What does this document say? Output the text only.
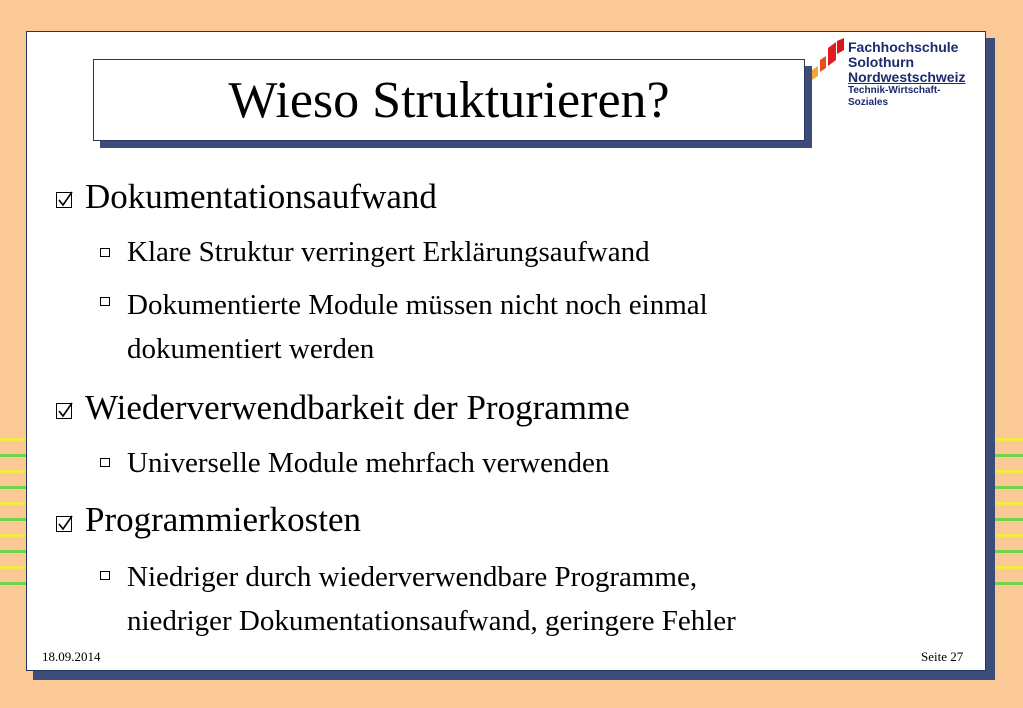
Wieso Strukturieren?
Fachhochschule
Solothurn
Nordwestschweiz
Technik-Wirtschaft-Soziales
Dokumentationsaufwand
Klare Struktur verringert Erklärungsaufwand
Dokumentierte Module müssen nicht noch einmal
dokumentiert werden
Wiederverwendbarkeit der Programme
Universelle Module mehrfach verwenden
Programmierkosten
Niedriger durch wiederverwendbare Programme,
niedriger Dokumentationsaufwand, geringere Fehler
18.09.2014	Seite 27
